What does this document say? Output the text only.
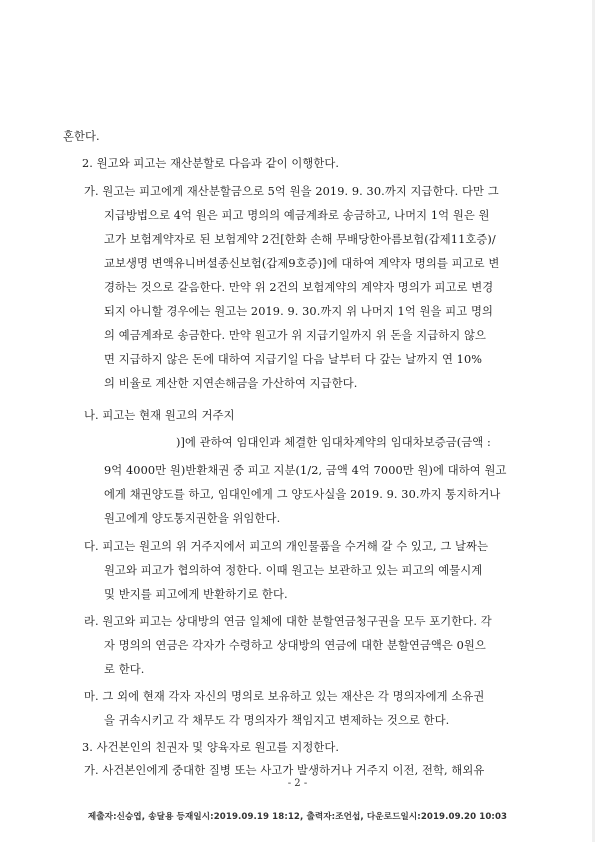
혼한다.
2. 원고와 피고는 재산분할로 다음과 같이 이행한다.
가. 원고는 피고에게 재산분할금으로 5억 원을 2019. 9. 30.까지 지급한다. 다만 그
지급방법으로 4억 원은 피고 명의의 예금계좌로 송금하고, 나머지 1억 원은 원
고가 보험계약자로 된 보험계약 2건[한화 손해 무배당한아름보험(갑제11호증)/
교보생명 변액유니버셜종신보험(갑제9호증)]에 대하여 계약자 명의를 피고로 변
경하는 것으로 갈음한다. 만약 위 2건의 보험계약의 계약자 명의가 피고로 변경
되지 아니할 경우에는 원고는 2019. 9. 30.까지 위 나머지 1억 원을 피고 명의
의 예금계좌로 송금한다. 만약 원고가 위 지급기일까지 위 돈을 지급하지 않으
면 지급하지 않은 돈에 대하여 지급기일 다음 날부터 다 갚는 날까지 연 10%
의 비율로 계산한 지연손해금을 가산하여 지급한다.
나. 피고는 현재 원고의 거주지
)]에 관하여 임대인과 체결한 임대차계약의 임대차보증금(금액 :
9억 4000만 원)반환채권 중 피고 지분(1/2, 금액 4억 7000만 원)에 대하여 원고
에게 채권양도를 하고, 임대인에게 그 양도사실을 2019. 9. 30.까지 통지하거나
원고에게 양도통지권한을 위임한다.
다. 피고는 원고의 위 거주지에서 피고의 개인물품을 수거해 갈 수 있고, 그 날짜는
원고와 피고가 협의하여 정한다. 이때 원고는 보관하고 있는 피고의 예물시계
및 반지를 피고에게 반환하기로 한다.
라. 원고와 피고는 상대방의 연금 일체에 대한 분할연금청구권을 모두 포기한다. 각
자 명의의 연금은 각자가 수령하고 상대방의 연금에 대한 분할연금액은 0원으
로 한다.
마. 그 외에 현재 각자 자신의 명의로 보유하고 있는 재산은 각 명의자에게 소유권
을 귀속시키고 각 채무도 각 명의자가 책임지고 변제하는 것으로 한다.
3. 사건본인의 친권자 및 양육자로 원고를 지정한다.
가. 사건본인에게 중대한 질병 또는 사고가 발생하거나 거주지 이전, 전학, 해외유
- 2 -
제출자:신승엽, 송달용 등재일시:2019.09.19 18:12, 출력자:조언섭, 다운로드일시:2019.09.20 10:03
